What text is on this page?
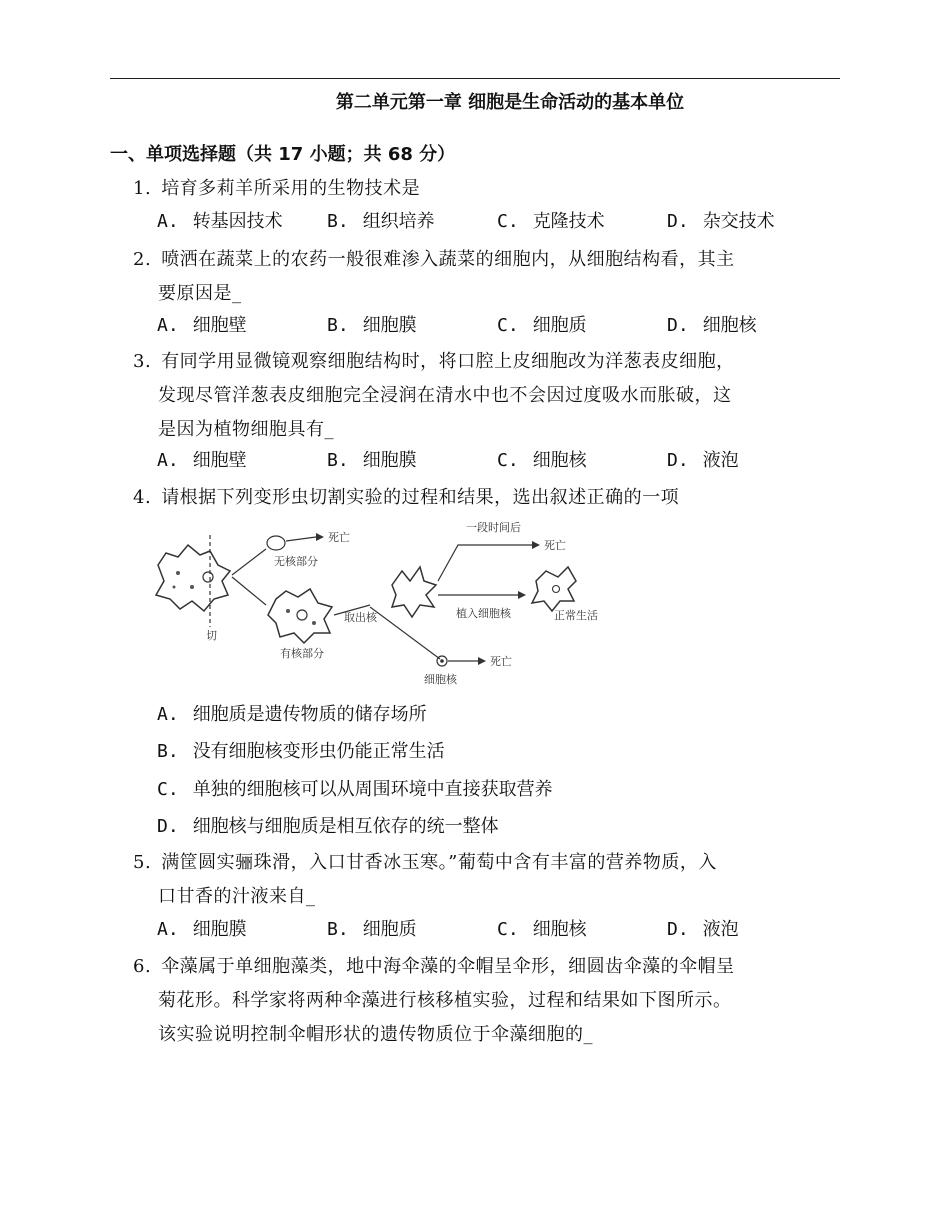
第二单元第一章 细胞是生命活动的基本单位
一、单项选择题（共 17 小题；共 68 分）
1. 培育多莉羊所采用的生物技术是
A. 转基因技术	B. 组织培养	C. 克隆技术	D. 杂交技术
2. 喷洒在蔬菜上的农药一般很难渗入蔬菜的细胞内，从细胞结构看，其主
要原因是_
A. 细胞壁	B. 细胞膜	C. 细胞质	D. 细胞核
3. 有同学用显微镜观察细胞结构时，将口腔上皮细胞改为洋葱表皮细胞，
发现尽管洋葱表皮细胞完全浸润在清水中也不会因过度吸水而胀破，这
是因为植物细胞具有_
A. 细胞壁	B. 细胞膜	C. 细胞核	D. 液泡
4. 请根据下列变形虫切割实验的过程和结果，选出叙述正确的一项
切
死亡
无核部分
有核部分
取出核
死亡
细胞核
一段时间后
死亡
植入细胞核	正常生活
A. 细胞质是遗传物质的储存场所
B. 没有细胞核变形虫仍能正常生活
C. 单独的细胞核可以从周围环境中直接获取营养
D. 细胞核与细胞质是相互依存的统一整体
5. 满筐圆实骊珠滑，入口甘香冰玉寒。”葡萄中含有丰富的营养物质，入
口甘香的汁液来自_
A. 细胞膜	B. 细胞质	C. 细胞核	D. 液泡
6. 伞藻属于单细胞藻类，地中海伞藻的伞帽呈伞形，细圆齿伞藻的伞帽呈
菊花形。科学家将两种伞藻进行核移植实验，过程和结果如下图所示。
该实验说明控制伞帽形状的遗传物质位于伞藻细胞的_
